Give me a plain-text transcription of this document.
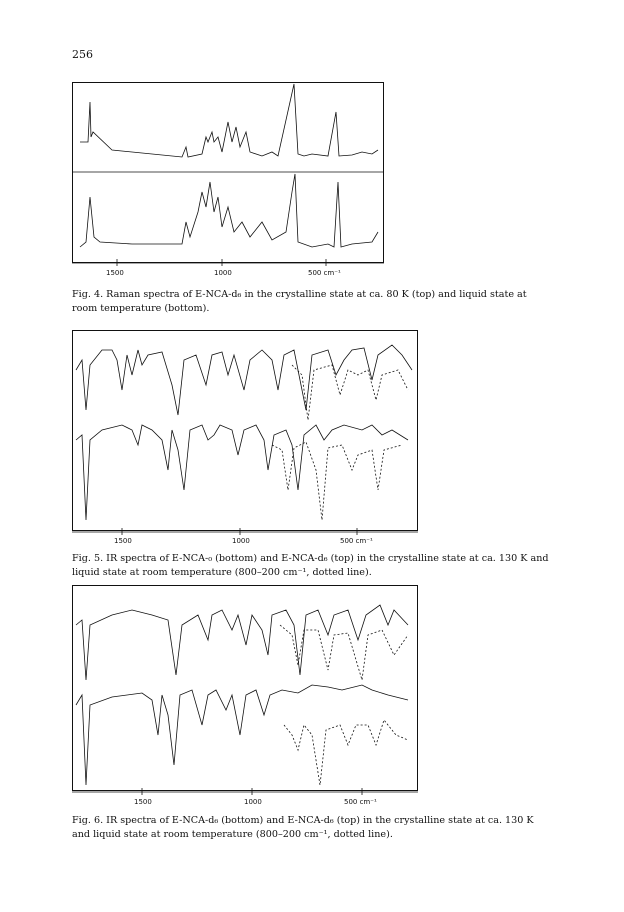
256
1500	1000	500 cm⁻¹
Fig. 4. Raman spectra of E-NCA-d₆ in the crystalline state at ca. 80 K (top) and liquid state at room temperature (bottom).
1500	1000	500 cm⁻¹
Fig. 5. IR spectra of E-NCA-₀ (bottom) and E-NCA-d₆ (top) in the crystalline state at ca. 130 K and liquid state at room temperature (800–200 cm⁻¹, dotted line).
1500	1000	500 cm⁻¹
Fig. 6. IR spectra of E-NCA-d₆ (bottom) and E-NCA-d₆ (top) in the crystalline state at ca. 130 K and liquid state at room temperature (800–200 cm⁻¹, dotted line).
